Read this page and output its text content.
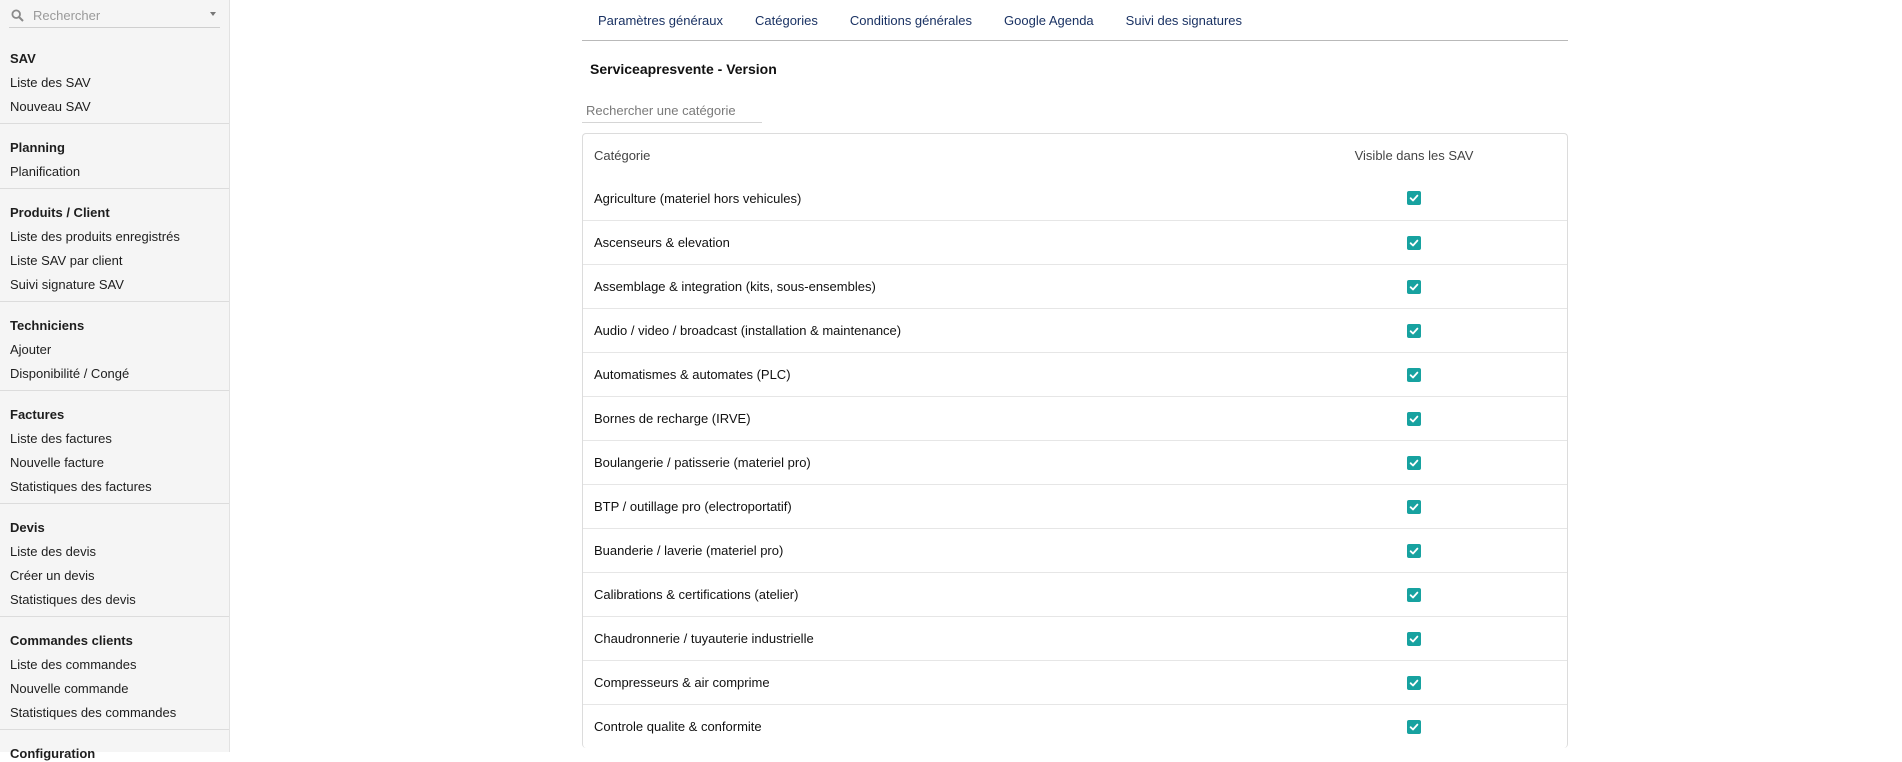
Rechercher
SAV
Liste des SAV
Nouveau SAV
Planning
Planification
Produits / Client
Liste des produits enregistrés
Liste SAV par client
Suivi signature SAV
Techniciens
Ajouter
Disponibilité / Congé
Factures
Liste des factures
Nouvelle facture
Statistiques des factures
Devis
Liste des devis
Créer un devis
Statistiques des devis
Commandes clients
Liste des commandes
Nouvelle commande
Statistiques des commandes
Configuration
Paramètres généraux Catégories Conditions générales Google Agenda Suivi des signatures
Serviceapresvente - Version
Rechercher une catégorie
Catégorie	Visible dans les SAV
Agriculture (materiel hors vehicules)
Ascenseurs & elevation
Assemblage & integration (kits, sous-ensembles)
Audio / video / broadcast (installation & maintenance)
Automatismes & automates (PLC)
Bornes de recharge (IRVE)
Boulangerie / patisserie (materiel pro)
BTP / outillage pro (electroportatif)
Buanderie / laverie (materiel pro)
Calibrations & certifications (atelier)
Chaudronnerie / tuyauterie industrielle
Compresseurs & air comprime
Controle qualite & conformite
